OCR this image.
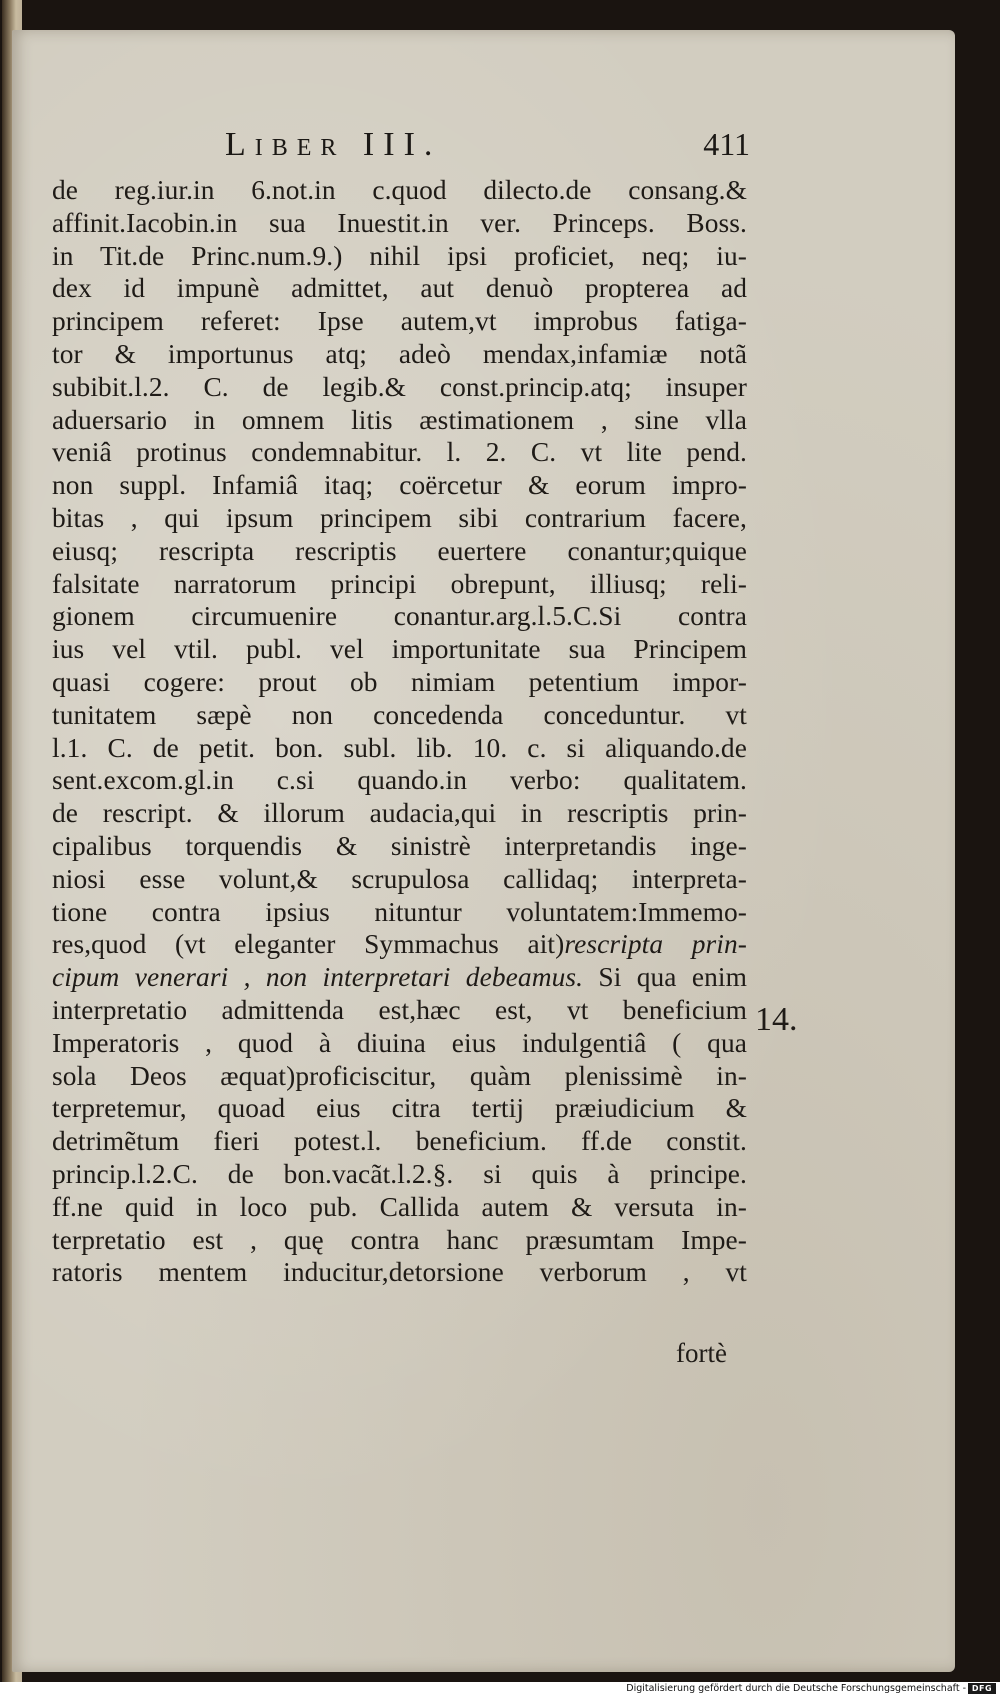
Liber III.	411
de reg.iur.in 6.not.in c.quod dilecto.de consang.&
affinit.Iacobin.in sua Inuestit.in ver. Princeps. Boss.
in Tit.de Princ.num.9.) nihil ipsi proficiet, neq; iu-
dex id impunè admittet, aut denuò propterea ad
principem referet: Ipse autem,vt improbus fatiga-
tor & importunus atq; adeò mendax,infamiæ notã
subibit.l.2. C. de legib.& const.princip.atq; insuper
aduersario in omnem litis æstimationem , sine vlla
veniâ protinus condemnabitur. l. 2. C. vt lite pend.
non suppl. Infamiâ itaq; coërcetur & eorum impro-
bitas , qui ipsum principem sibi contrarium facere,
eiusq; rescripta rescriptis euertere conantur;quique
falsitate narratorum principi obrepunt, illiusq; reli-
gionem circumuenire conantur.arg.l.5.C.Si contra
ius vel vtil. publ. vel importunitate sua Principem
quasi cogere: prout ob nimiam petentium impor-
tunitatem sæpè non concedenda conceduntur. vt
l.1. C. de petit. bon. subl. lib. 10. c. si aliquando.de
sent.excom.gl.in c.si quando.in verbo: qualitatem.
de rescript. & illorum audacia,qui in rescriptis prin-
cipalibus torquendis & sinistrè interpretandis inge-
niosi esse volunt,& scrupulosa callidaq; interpreta-
tione contra ipsius nituntur voluntatem:Immemo-
res,quod (vt eleganter Symmachus ait)rescripta prin-
cipum venerari , non interpretari debeamus. Si qua enim
interpretatio admittenda est,hæc est, vt beneficium
Imperatoris , quod à diuina eius indulgentiâ ( qua
sola Deos æquat)proficiscitur, quàm plenissimè in-
terpretemur, quoad eius citra tertij præiudicium &
detrimẽtum fieri potest.l. beneficium. ff.de constit.
princip.l.2.C. de bon.vacãt.l.2.§. si quis à principe.
ff.ne quid in loco pub. Callida autem & versuta in-
terpretatio est , quę contra hanc præsumtam Impe-
ratoris mentem inducitur,detorsione verborum , vt
14.
fortè
Digitalisierung gefördert durch die Deutsche Forschungsgemeinschaft - DFG
